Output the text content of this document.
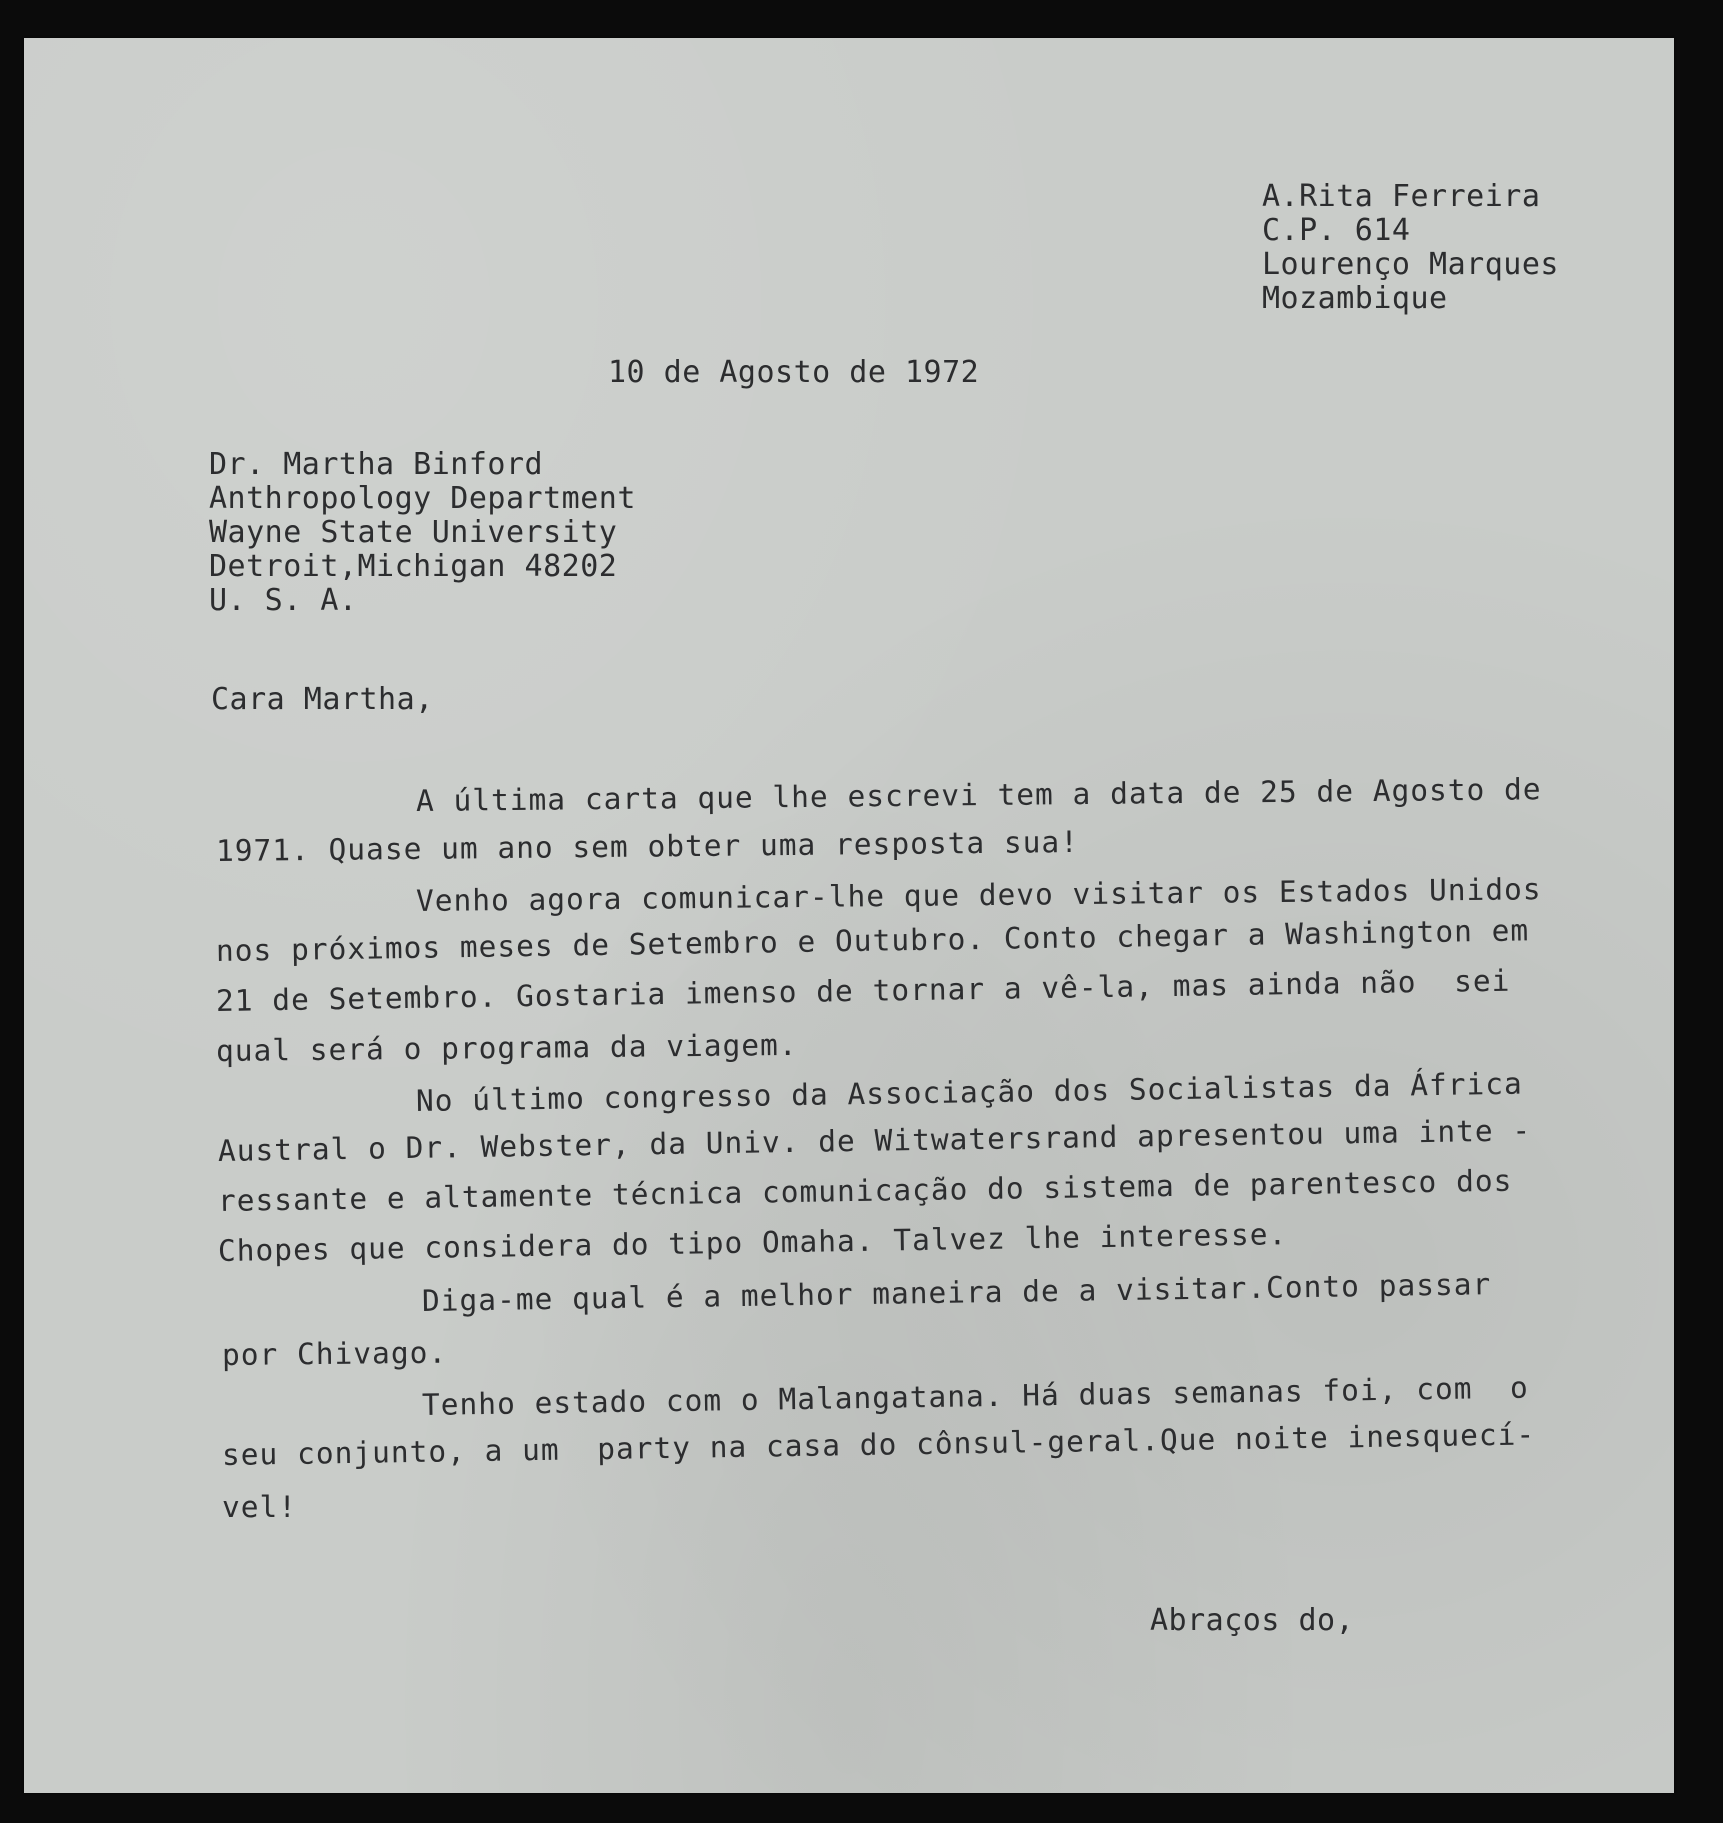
A.Rita Ferreira

C.P. 614

Lourenço Marques

Mozambique

10 de Agosto de 1972

Dr. Martha Binford

Anthropology Department

Wayne State University

Detroit,Michigan 48202

U. S. A.

Cara Martha,

A última carta que lhe escrevi tem a data de 25 de Agosto de

1971. Quase um ano sem obter uma resposta sua!

Venho agora comunicar-lhe que devo visitar os Estados Unidos

nos próximos meses de Setembro e Outubro. Conto chegar a Washington em

21 de Setembro. Gostaria imenso de tornar a vê-la, mas ainda não  sei

qual será o programa da viagem.

No último congresso da Associação dos Socialistas da África

Austral o Dr. Webster, da Univ. de Witwatersrand apresentou uma inte -

ressante e altamente técnica comunicação do sistema de parentesco dos

Chopes que considera do tipo Omaha. Talvez lhe interesse.

Diga-me qual é a melhor maneira de a visitar.Conto passar

por Chivago.

Tenho estado com o Malangatana. Há duas semanas foi, com  o

seu conjunto, a um  party na casa do cônsul-geral.Que noite inesquecí-

vel!

Abraços do,
